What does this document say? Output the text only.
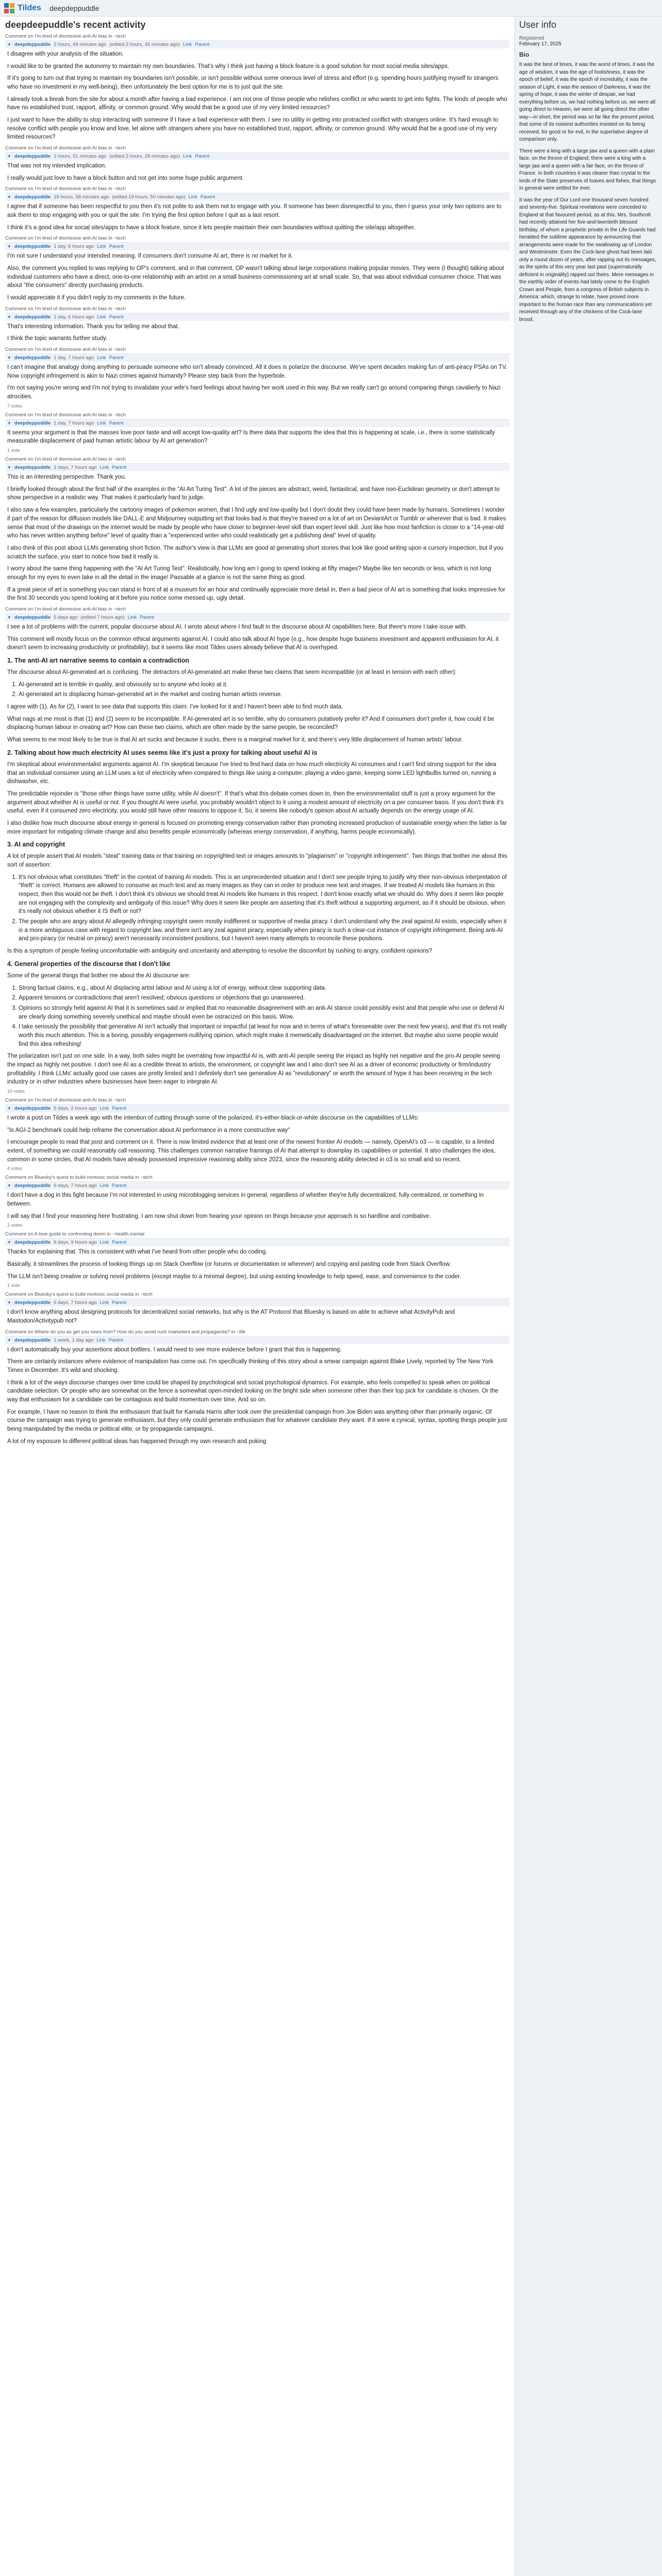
Tildes deepdeppuddle
deepdeepuddle's recent activity
Comment on I'm tired of dismissive anti-AI bias in ~tech
▼ deepdeppuddle 2 hours, 49 minutes ago (edited 2 hours, 45 minutes ago) Link Parent

I disagree with your analysis of the situation.

I would like to be granted the autonomy to maintain my own boundaries. That's why I think just having a block feature is a good solution for most social media sites/apps.

If it's going to turn out that trying to maintain my boundaries isn't possible, or isn't possible without some onerous level of stress and effort (e.g. spending hours justifying myself to strangers who have no investment in my well-being), then unfortunately the best option for me is to just quit the site.

I already took a break from the site for about a month after having a bad experience. I am not one of those people who relishes conflict or who wants to get into fights. The kinds of people who have no established trust, rapport, affinity, or common ground. Why would that be a good use of my very limited resources?

I just want to have the ability to stop interacting with someone if I have a bad experience with them. I see no utility in getting into protracted conflict with strangers online. It's hard enough to resolve conflict with people you know and love, let alone with strangers where you have no established trust, rapport, affinity, or common ground. Why would that be a good use of my very limited resources?

Comment on I'm tired of dismissive anti-AI bias in ~tech
▼ deepdeppuddle 2 hours, 51 minutes ago (edited 2 hours, 28 minutes ago) Link Parent

That was not my intended implication.

I really would just love to have a block button and not get into some huge public argument.

Comment on I'm tired of dismissive anti-AI bias in ~tech
▼ deepdeppuddle 19 hours, 58 minutes ago (edited 19 hours, 50 minutes ago) Link Parent

I agree that if someone has been respectful to you then it's not polite to ask them not to engage with you. If someone has been disrespectful to you, then I guess your only two options are to ask them to stop engaging with you or quit the site. I'm trying the first option before I quit as a last resort.

I think it's a good idea for social sites/apps to have a block feature, since it lets people maintain their own boundaries without quitting the site/app altogether.

Comment on I'm tired of dismissive anti-AI bias in ~tech
▼ deepdeppuddle 1 day, 6 hours ago Link Parent

I'm not sure I understand your intended meaning. If consumers don't consume AI art, there is no market for it.

Also, the comment you replied to was replying to OP's comment, and in that comment, OP wasn't talking about large corporations making popular movies. They were (I thought) talking about individual customers who have a direct, one-to-one relationship with an artist on a small business commissioning art at small scale. So, that was about individual consumer choice. That was about "the consumers" directly purchasing products.

I would appreciate it if you didn't reply to my comments in the future.

Comment on I'm tired of dismissive anti-AI bias in ~tech
▼ deepdeppuddle 1 day, 6 hours ago Link Parent

That's interesting information. Thank you for telling me about that.

I think the topic warrants further study.

Comment on I'm tired of dismissive anti-AI bias in ~tech
▼ deepdeppuddle 1 day, 7 hours ago Link Parent

I can't imagine that analogy doing anything to persuade someone who isn't already convinced. All it does is polarize the discourse. We've spent decades making fun of anti-piracy PSAs on TV. Now copyright infringement is akin to Nazi crimes against humanity? Please step back from the hyperbole.

I'm not saying you're wrong and I'm not trying to invalidate your wife's hard feelings about having her work used in this way. But we really can't go around comparing things cavalierly to Nazi atrocities.

7 votes
Comment on I'm tired of dismissive anti-AI bias in ~tech
▼ deepdeppuddle 1 day, 7 hours ago Link Parent

It seems your argument is that the masses love poor taste and will accept low-quality art? Is there data that supports the idea that this is happening at scale, i.e., there is some statistically measurable displacement of paid human artistic labour by AI art generation?

1 vote
Comment on I'm tired of dismissive anti-AI bias in ~tech
▼ deepdeppuddle 2 days, 7 hours ago Link Parent

This is an interesting perspective. Thank you.

I briefly looked through about the first half of the examples in the "AI Art Turing Test". A lot of the pieces are abstract, weird, fantastical, and have non-Euclidean geometry or don't attempt to show perspective in a realistic way. That makes it particularly hard to judge.

I also saw a few examples, particularly the cartoony images of pokemon women, that I find ugly and low-quality but I don't doubt they could have been made by humans. Sometimes I wonder if part of the reason for diffusion models like DALL-E and Midjourney outputting art that looks bad is that they're trained on a lot of art on DeviantArt or Tumblr or wherever that is bad. It makes sense that most of the drawings on the internet would be made by people who have closer to beginner-level skill than expert level skill. Just like how most fanfiction is closer to a "14-year-old who has never written anything before" level of quality than a "experienced writer who could realistically get a publishing deal" level of quality.

I also think of this post about LLMs generating short fiction. The author's view is that LLMs are good at generating short stories that look like good writing upon a cursory inspection, but if you scratch the surface, you start to notice how bad it really is.

I worry about the same thing happening with the "AI Art Turing Test". Realistically, how long am I going to spend looking at fifty images? Maybe like ten seconds or less, which is not long enough for my eyes to even take in all the detail in the image! Passable at a glance is not the same thing as good.

If a great piece of art is something you can stand in front of at a museum for an hour and continually appreciate more detail in, then a bad piece of AI art is something that looks impressive for the first 30 seconds you spend looking at it before you notice some messed up, ugly detail.

Comment on I'm tired of dismissive anti-AI bias in ~tech
▼ deepdeppuddle 5 days ago (edited 7 hours ago) Link Parent

I see a lot of problems with the current, popular discourse about AI. I wrote about where I find fault in the discourse about AI capabilities here. But there's more I take issue with.

This comment will mostly focus on the common ethical arguments against AI. I could also talk about AI hype (e.g., how despite huge business investment and apparent enthusiasm for AI, it doesn't seem to increasing productivity or profitability), but it seems like most Tildes users already believe that AI is overhyped.

1. The anti-AI art narrative seems to contain a contradiction

The discourse about AI-generated art is confusing. The detractors of AI-generated art make these two claims that seem incompatible (or at least in tension with each other):

1. AI-generated art is terrible in quality, and obviously so to anyone who looks at it.
2. AI-generated art is displacing human-generated art in the market and costing human artists revenue.

I agree with (1). As for (2), I want to see data that supports this claim. I've looked for it and I haven't been able to find much data.

What nags at me most is that (1) and (2) seem to be incompatible. If AI-generated art is so terrible, why do consumers putatively prefer it? And if consumers don't prefer it, how could it be displacing human labour in creating art? How can these two claims, which are often made by the same people, be reconciled?

What seems to me most likely to be true is that AI art sucks and because it sucks, there is a marginal market for it, and there's very little displacement of human artists' labour.

2. Talking about how much electricity AI uses seems like it's just a proxy for talking about useful AI is

I'm skeptical about environmentalist arguments against AI. I'm skeptical because I've tried to find hard data on how much electricity AI consumes and I can't find strong support for the idea that an individual consumer using an LLM uses a lot of electricity when compared to things like using a computer, playing a video game, keeping some LED lightbulbs turned on, running a dishwasher, etc.

The predictable rejoinder is "those other things have some utility, while AI doesn't". If that's what this debate comes down to, then the environmentalist stuff is just a proxy argument for the argument about whether AI is useful or not. If you thought AI were useful, you probably wouldn't object to it using a modest amount of electricity on a per consumer basis. If you don't think it's useful, even if it consumed zero electricity, you would still have other reasons to oppose it. So, it seems like nobody's opinion about AI actually depends on the energy usage of AI.

I also dislike how much discourse about energy in general is focused on promoting energy conservation rather than promoting increased production of sustainable energy when the latter is far more important for mitigating climate change and also benefits people economically (whereas energy conservation, if anything, harms people economically).

3. AI and copyright

A lot of people assert that AI models "steal" training data or that training on copyrighted text or images amounts to "plagiarism" or "copyright infringement". Two things that bother me about this sort of assertion:

1. It's not obvious what constitutes "theft" in the context of training AI models. This is an unprecedented situation and I don't see people trying to justify why their non-obvious interpretation of "theft" is correct. Humans are allowed to consume as much text and as many images as they can in order to produce new text and images. If we treated AI models like humans in this respect, then this would not be theft. I don't think it's obvious we should treat AI models like humans in this respect. I don't know exactly what we should do. Why does it seem like people are not engaging with the complexity and ambiguity of this issue? Why does it seem like people are asserting that it's theft without a supporting argument, as if it should be obvious, when it's really not obvious whether it IS theft or not?
2. The people who are angry about AI allegedly infringing copyright seem mostly indifferent or supportive of media piracy. I don't understand why the zeal against AI exists, especially when it is a more ambiguous case with regard to copyright law, and there isn't any zeal against piracy, especially when piracy is such a clear-cut instance of copyright infringement. Being anti-AI and pro-piracy (or neutral on piracy) aren't necessarily inconsistent positions, but I haven't seen many attempts to reconcile these positions.

Is this a symptom of people feeling uncomfortable with ambiguity and uncertainty and attempting to resolve the discomfort by rushing to angry, confident opinions?

4. General properties of the discourse that I don't like

Some of the general things that bother me about the AI discourse are:

1. Strong factual claims, e.g., about AI displacing artist labour and AI using a lot of energy, without clear supporting data.
2. Apparent tensions or contradictions that aren't resolved; obvious questions or objections that go unanswered.
3. Opinions so strongly held against AI that it is sometimes said or implied that no reasonable disagreement with an anti-AI stance could possibly exist and that people who use or defend AI are clearly doing something severely unethical and maybe should even be ostracized on this basis. Wow.
4. I take seriously the possibility that generative AI isn't actually that important or impactful (at least for now and in terms of what's foreseeable over the next few years), and that it's not really worth this much attention. This is a boring, possibly engagement-nullifying opinion, which might make it memetically disadvantaged on the internet. But maybe also some people would find this idea refreshing!

The polarization isn't just on one side. In a way, both sides might be overrating how impactful AI is, with anti-AI people seeing the impact as highly net negative and the pro-AI people seeing the impact as highly net positive. I don't see AI as a credible threat to artists, the environment, or copyright law and I also don't see AI as a driver of economic productivity or firm/industry profitability. I think LLMs' actually good use cases are pretty limited and I definitely don't see generative AI as "revolutionary" or worth the amount of hype it has been receiving in the tech industry or in other industries where businesses have been eager to integrate AI.

10 votes
Comment on I'm tired of dismissive anti-AI bias in ~tech
▼ deepdeppuddle 5 days, 2 hours ago Link Parent

I wrote a post on Tildes a week ago with the intention of cutting through some of the polarized, it's-either-black-or-white discourse on the capabilities of LLMs:

"Is AGI-2 benchmark could help reframe the conversation about AI performance in a more constructive way"

I encourage people to read that post and comment on it. There is now limited evidence that at least one of the newest frontier AI models — namely, OpenAI's o3 — is capable, to a limited extent, of something we could reasonably call reasoning. This challenges common narrative framings of AI that attempt to downplay its capabilities or potential. It also challenges the idea, common in some circles, that AI models have already possessed impressive reasoning ability since 2023, since the reasoning ability detected in o3 is so small and so recent.

4 votes
Comment on Bluesky's quest to build nontoxic social media in ~tech
▼ deepdeppuddle 6 days, 7 hours ago Link Parent

I don't have a dog in this fight because I'm not interested in using microblogging services in general, regardless of whether they're fully decentralized, fully centralized, or something in between.

I will say that I find your reasoning here frustrating. I am now shut down from hearing your opinion on things because your approach is so hardline and combative.

2 votes
Comment on A love guide to confronting doom in ~health.mental
▼ deepdeppuddle 6 days, 9 hours ago Link Parent

Thanks for explaining that. This is consistent with what I've heard from other people who do coding.

Basically, it streamlines the process of looking things up on Stack Overflow (or forums or documentation or wherever) and copying and pasting code from Stack Overflow.

The LLM isn't being creative or solving novel problems (except maybe to a minimal degree), but using existing knowledge to help speed, ease, and convenience to the coder.

1 vote
Comment on Bluesky's quest to build nontoxic social media in ~tech
▼ deepdeppuddle 6 days, 7 hours ago Link Parent

I don't know anything about designing protocols for decentralized social networks, but why is the AT Protocol that Bluesky is based on able to achieve what ActivityPub and Mastodon/Activitypub not?

Comment on Where do you as get you news from? How do you avoid rush marketers and propaganda? in ~life
▼ deepdeppuddle 1 week, 1 day ago Link Parent

I don't automatically buy your assertions about bottlers. I would need to see more evidence before I grant that this is happening.

There are certainly instances where evidence of manipulation has come out. I'm specifically thinking of this story about a smear campaign against Blake Lively, reported by The New York Times in December. It's wild and shocking.

I think a lot of the ways discourse changes over time could be shaped by psychological and social psychological dynamics. For example, who feels compelled to speak when on political candidate selection. Or people who are somewhat on the fence a somewhat open-minded looking on the bright side when someone other than their top pick for candidate is chosen. Or the way that enthusiasm for a candidate can be contagious and build momentum over time. And so on.

For example, I have no reason to think the enthusiasm that built for Kamala Harris after took over the presidential campaign from Joe Biden was anything other than primarily organic. Of course the campaign was trying to generate enthusiasm, but they only could generate enthusiasm that for whatever candidate they want. If it were a cynical, syntax, spotting things people just being manipulated by the media or political elite, or by propaganda campaigns.

A lot of my exposure to different political ideas has happened through my own research and poking

User info
Registered
February 17, 2025
Bio

It was the best of times, it was the worst of times, it was the age of wisdom, it was the age of foolishness, it was the epoch of belief, it was the epoch of incredulity, it was the season of Light, it was the season of Darkness, it was the spring of hope, it was the winter of despair, we had everything before us, we had nothing before us, we were all going direct to Heaven, we were all going direct the other way—in short, the period was so far like the present period, that some of its noisiest authorities insisted on its being received, for good or for evil, in the superlative degree of comparison only.

There were a king with a large jaw and a queen with a plain face, on the throne of England; there were a king with a large jaw and a queen with a fair face, on the throne of France. In both countries it was clearer than crystal to the lords of the State preserves of loaves and fishes, that things in general were settled for ever.

It was the year of Our Lord one thousand seven hundred and seventy-five. Spiritual revelations were conceded to England at that favoured period, as at this. Mrs. Southcott had recently attained her five-and-twentieth blessed birthday, of whom a prophetic private in the Life Guards had heralded the sublime appearance by announcing that arrangements were made for the swallowing up of London and Westminster. Even the Cock-lane ghost had been laid only a round dozen of years, after rapping out its messages, as the spirits of this very year last past (supernaturally deficient in originality) rapped out theirs. Mere messages in the earthly order of events had lately come to the English Crown and People, from a congress of British subjects in America: which, strange to relate, have proved more important to the human race than any communications yet received through any of the chickens of the Cock-lane brood.
